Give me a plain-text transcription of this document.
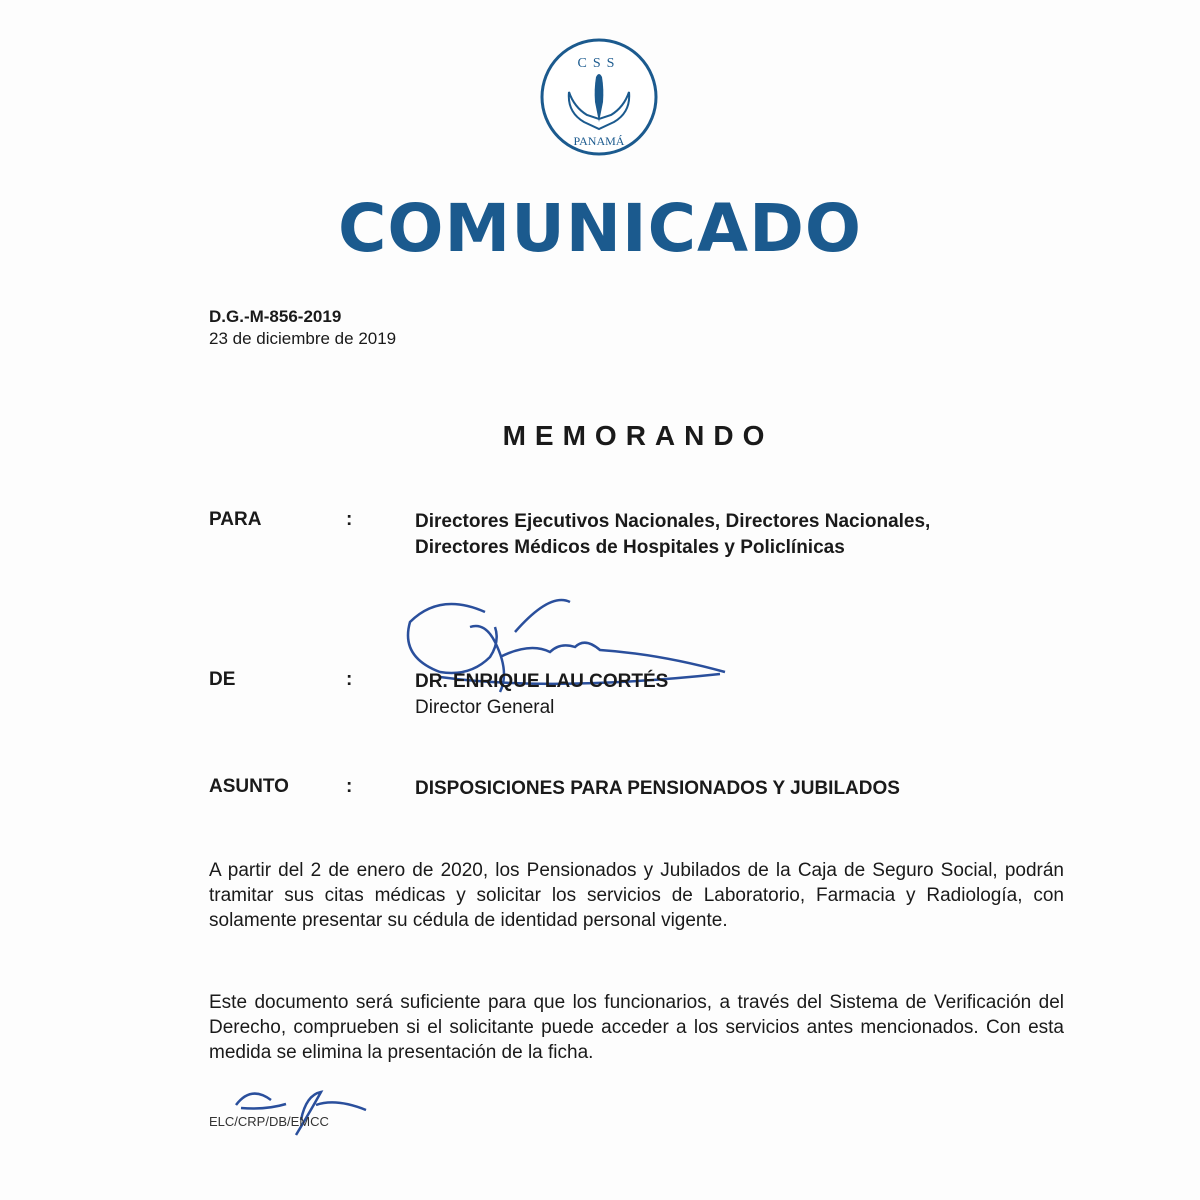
CSS
PANAMÁ
COMUNICADO
D.G.-M-856-2019
23 de diciembre de 2019
MEMORANDO
PARA	:	Directores Ejecutivos Nacionales, Directores Nacionales,
Directores Médicos de Hospitales y Policlínicas
DE	:	DR. ENRIQUE LAU CORTÉS
Director General
ASUNTO	:	DISPOSICIONES PARA PENSIONADOS Y JUBILADOS
A partir del 2 de enero de 2020, los Pensionados y Jubilados de la Caja de Seguro Social, podrán tramitar sus citas médicas y solicitar los servicios de Laboratorio, Farmacia y Radiología, con solamente presentar su cédula de identidad personal vigente.
Este documento será suficiente para que los funcionarios, a través del Sistema de Verificación del Derecho, comprueben si el solicitante puede acceder a los servicios antes mencionados. Con esta medida se elimina la presentación de la ficha.
ELC/CRP/DB/EMCC
